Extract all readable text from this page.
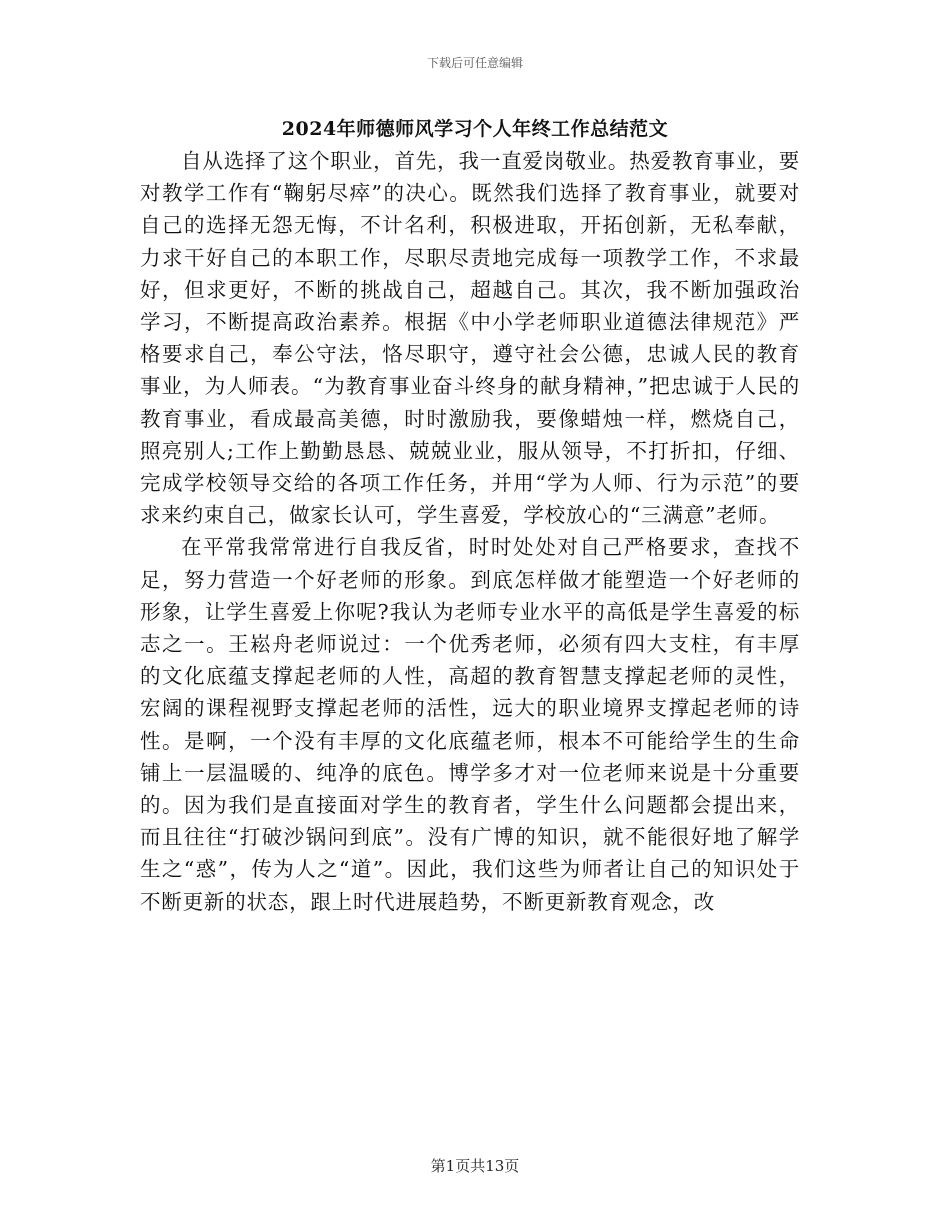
下载后可任意编辑
2024年师德师风学习个人年终工作总结范文

自从选择了这个职业，首先，我一直爱岗敬业。热爱教育事业，要对教学工作有“鞠躬尽瘁”的决心。既然我们选择了教育事业，就要对自己的选择无怨无悔，不计名利，积极进取，开拓创新，无私奉献，力求干好自己的本职工作，尽职尽责地完成每一项教学工作，不求最好，但求更好，不断的挑战自己，超越自己。其次，我不断加强政治学习，不断提高政治素养。根据《中小学老师职业道德法律规范》严格要求自己，奉公守法，恪尽职守，遵守社会公德，忠诚人民的教育事业，为人师表。“为教育事业奋斗终身的献身精神，”把忠诚于人民的教育事业，看成最高美德，时时激励我，要像蜡烛一样，燃烧自己，照亮别人;工作上勤勤恳恳、兢兢业业，服从领导，不打折扣，仔细、完成学校领导交给的各项工作任务，并用“学为人师、行为示范”的要求来约束自己，做家长认可，学生喜爱，学校放心的“三满意”老师。

在平常我常常进行自我反省，时时处处对自己严格要求，查找不足，努力营造一个好老师的形象。到底怎样做才能塑造一个好老师的形象，让学生喜爱上你呢?我认为老师专业水平的高低是学生喜爱的标志之一。王崧舟老师说过：一个优秀老师，必须有四大支柱，有丰厚的文化底蕴支撑起老师的人性，高超的教育智慧支撑起老师的灵性，宏阔的课程视野支撑起老师的活性，远大的职业境界支撑起老师的诗性。是啊，一个没有丰厚的文化底蕴老师，根本不可能给学生的生命铺上一层温暖的、纯净的底色。博学多才对一位老师来说是十分重要的。因为我们是直接面对学生的教育者，学生什么问题都会提出来，而且往往“打破沙锅问到底”。没有广博的知识，就不能很好地了解学生之“惑”，传为人之“道”。因此，我们这些为师者让自己的知识处于不断更新的状态，跟上时代进展趋势，不断更新教育观念，改

第1页共13页
